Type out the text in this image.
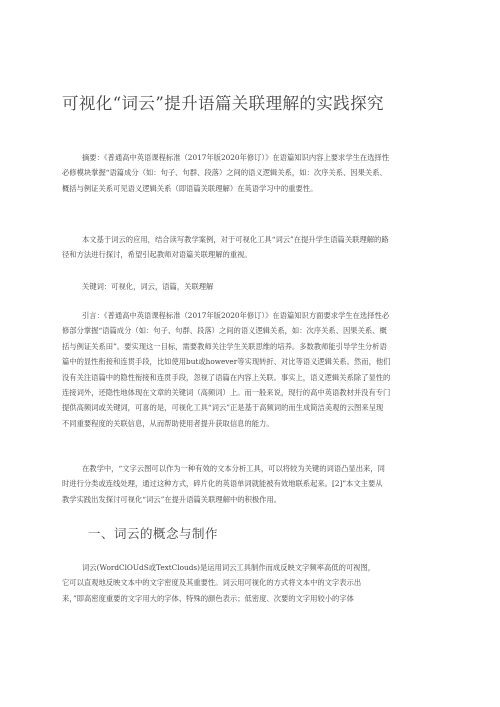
可视化“词云”提升语篇关联理解的实践探究
摘要：《普通高中英语课程标准（2017年版2020年修订）》在语篇知识内容上要求学生在选择性
必修模块掌握“语篇成分（如：句子、句群、段落）之间的语义逻辑关系，如：次序关系、因果关系、
概括与例证关系可见语义逻辑关系（即语篇关联理解）在英语学习中的重要性。
本文基于词云的应用，结合读写教学案例，对于可视化工具“词云”在提升学生语篇关联理解的路
径和方法进行探讨，希望引起教师对语篇关联理解的重视。
关键词：可视化，词云，语篇，关联理解
引言：《普通高中英语课程标准（2017年版2020年修订）》在语篇知识方面要求学生在选择性必
修部分掌握“语篇成分（如：句子、句群、段落）之间的语义逻辑关系，如：次序关系、因果关系、概
括与例证关系田”。要实现这一目标，需要教师关注学生关联思维的培养。多数教师能引导学生分析语
篇中的显性衔接和连贯手段，比如使用but或however等实现转折、对比等语义逻辑关系。然而，他们
没有关注语篇中的隐性衔接和连贯手段，忽视了语篇在内容上关联。事实上，语义逻辑关系除了显性的
连接词外，还隐性地体现在文章的关键词（高频词）上。而一般来说，现行的高中英语教材并没有专门
提供高频词或关键词，可喜的是，可视化工具“词云”正是基于高频词的而生成简洁美观的云图来呈现
不同重要程度的关联信息，从而帮助使用者提升获取信息的能力。
在教学中，“文字云图可以作为一种有效的文本分析工具，可以将较为关键的词语凸显出来，同
时进行分类或连线处理，通过这种方式，碎片化的英语单词就能被有效地联系起来。[2]”本文主要从
教学实践出发探讨可视化“词云”在提升语篇关联理解中的积极作用。
一、词云的概念与制作
词云(WordClOUdS或TextClouds)是运用词云工具制作而成反映文字频率高低的可视图，
它可以直观地反映文本中的文字密度及其重要性。词云用可视化的方式将文本中的文字表示出
来，”即高密度重要的文字用大的字体、特殊的颜色表示；低密度、次要的文字用较小的字体
